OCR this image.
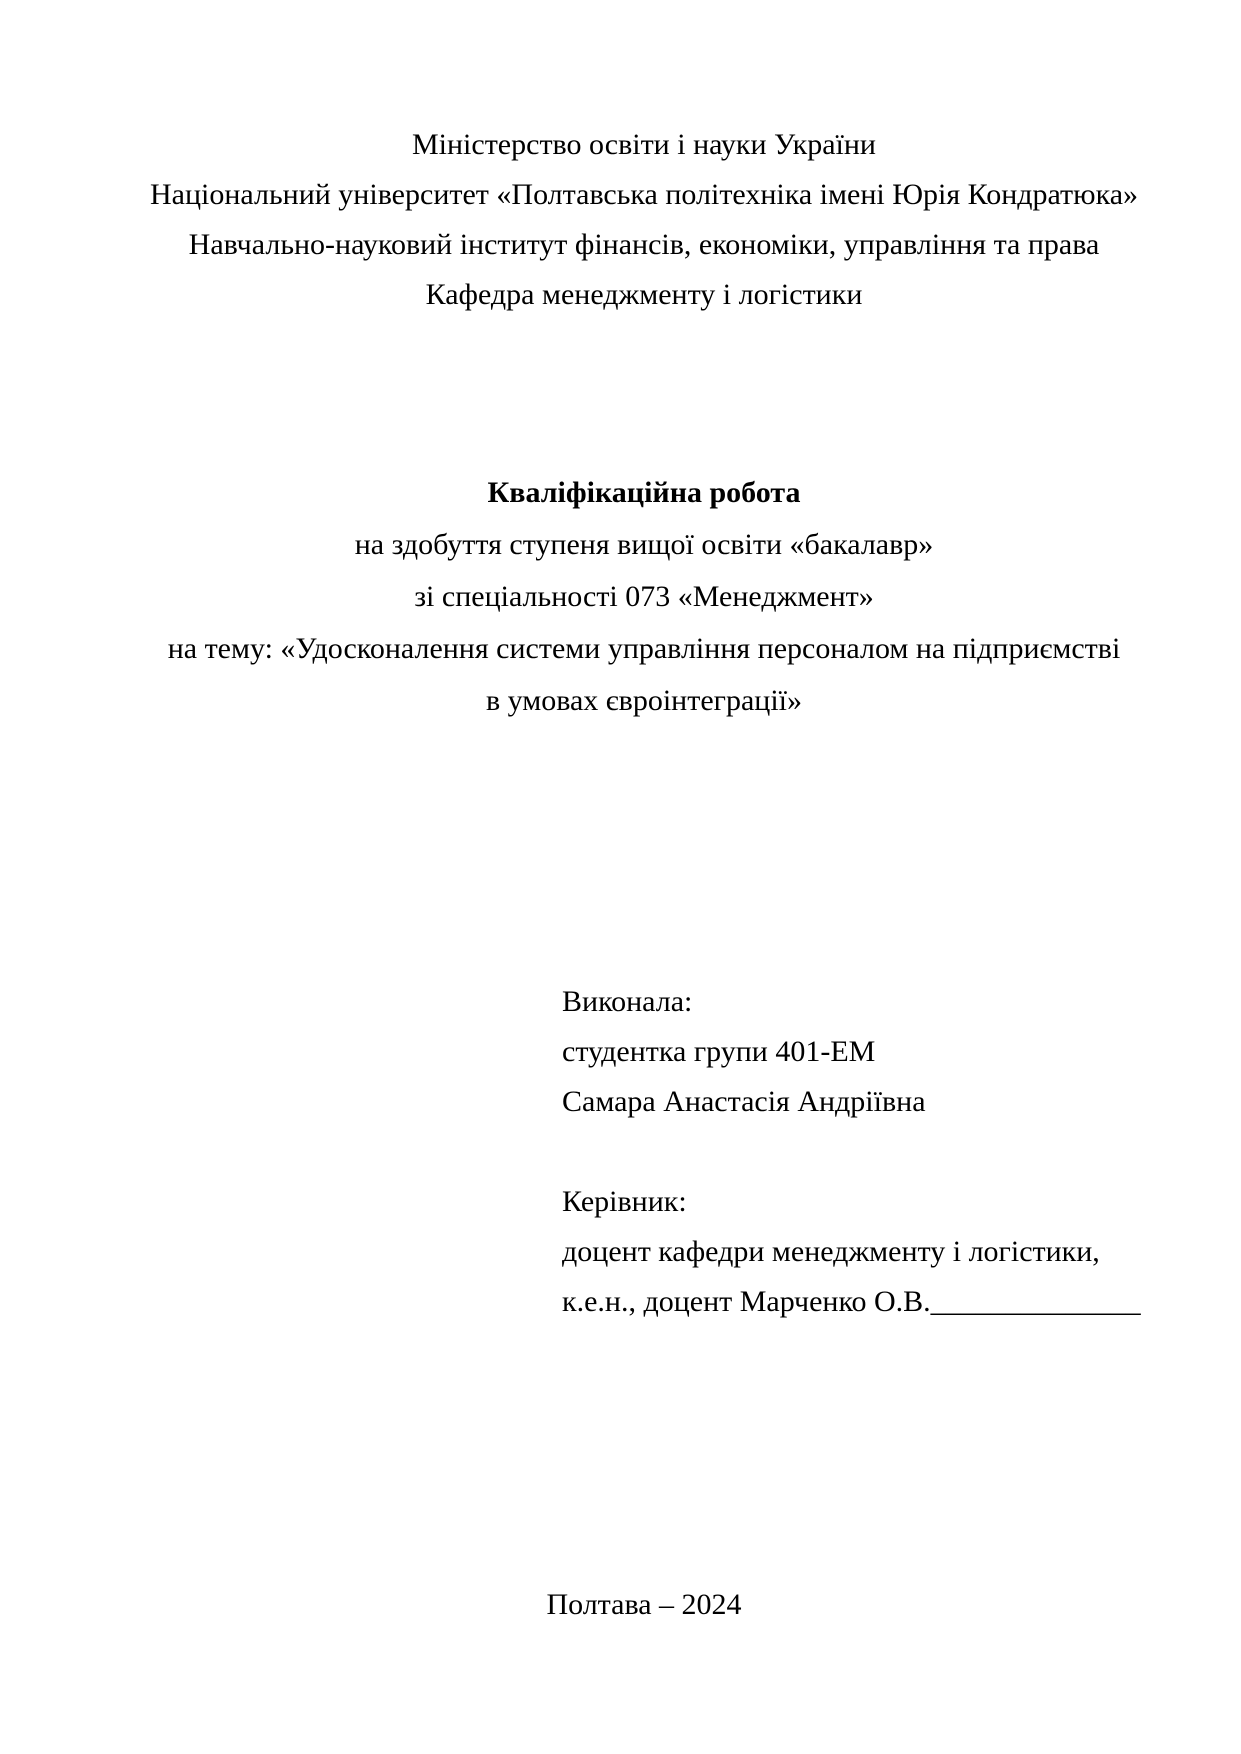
Міністерство освіти і науки України
Національний університет «Полтавська політехніка імені Юрія Кондратюка»
Навчально-науковий інститут фінансів, економіки, управління та права
Кафедра менеджменту і логістики
Кваліфікаційна робота
на здобуття ступеня вищої освіти «бакалавр»
зі спеціальності 073 «Менеджмент»
на тему: «Удосконалення системи управління персоналом на підприємстві
в умовах євроінтеграції»
Виконала:
студентка групи 401-ЕМ
Самара Анастасія Андріївна
Керівник:
доцент кафедри менеджменту і логістики,
к.е.н., доцент Марченко О.В.______________
Полтава – 2024
